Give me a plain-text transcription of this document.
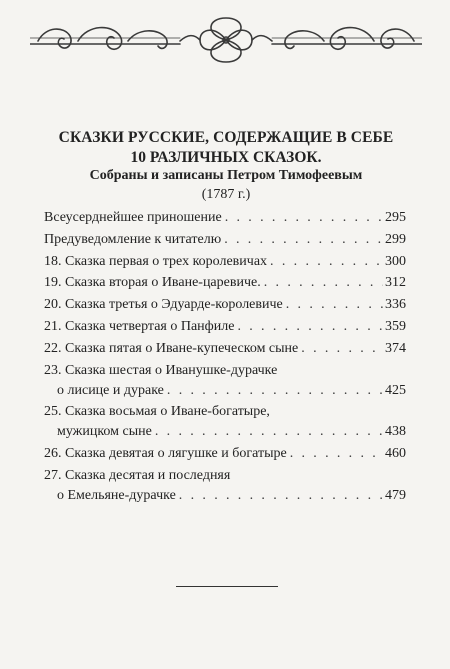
СКАЗКИ РУССКИЕ, СОДЕРЖАЩИЕ В СЕБЕ
10 РАЗЛИЧНЫХ СКАЗОК.
Собраны и записаны Петром Тимофеевым
(1787 г.)
Всеусерднейшее приношение . . .	295
Предуведомление к читателю . . .	299
18. Сказка первая о трех королевичах . . .	300
19. Сказка вторая о Иване-царевиче. . . .	312
20. Сказка третья о Эдуарде-королевиче . . .	336
21. Сказка четвертая о Панфиле . . .	359
22. Сказка пятая о Иване-купеческом сыне . . .	374
23. Сказка шестая о Иванушке-дурачке
о лисице и дураке . . .	425
25. Сказка восьмая о Иване-богатыре,
мужицком сыне . . .	438
26. Сказка девятая о лягушке и богатыре . . .	460
27. Сказка десятая и последняя
о Емельяне-дурачке . . .	479
